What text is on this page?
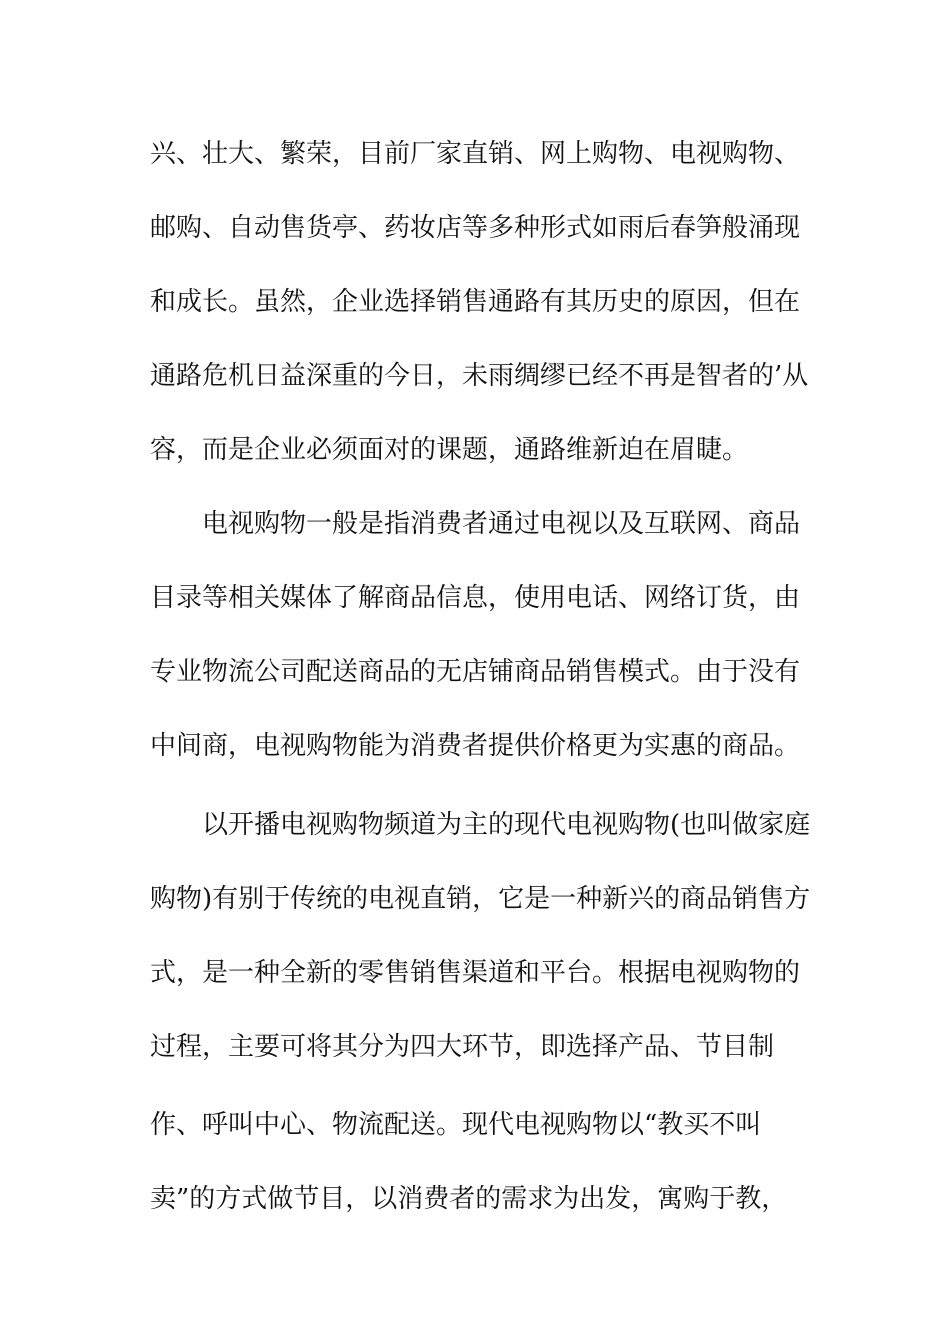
兴、壮大、繁荣，目前厂家直销、网上购物、电视购物、

邮购、自动售货亭、药妆店等多种形式如雨后春笋般涌现

和成长。虽然，企业选择销售通路有其历史的原因，但在

通路危机日益深重的今日，未雨绸缪已经不再是智者的’从

容，而是企业必须面对的课题，通路维新迫在眉睫。

电视购物一般是指消费者通过电视以及互联网、商品

目录等相关媒体了解商品信息，使用电话、网络订货，由

专业物流公司配送商品的无店铺商品销售模式。由于没有

中间商，电视购物能为消费者提供价格更为实惠的商品。

以开播电视购物频道为主的现代电视购物(也叫做家庭

购物)有别于传统的电视直销，它是一种新兴的商品销售方

式，是一种全新的零售销售渠道和平台。根据电视购物的

过程，主要可将其分为四大环节，即选择产品、节目制

作、呼叫中心、物流配送。现代电视购物以“教买不叫

卖”的方式做节目，以消费者的需求为出发，寓购于教，
